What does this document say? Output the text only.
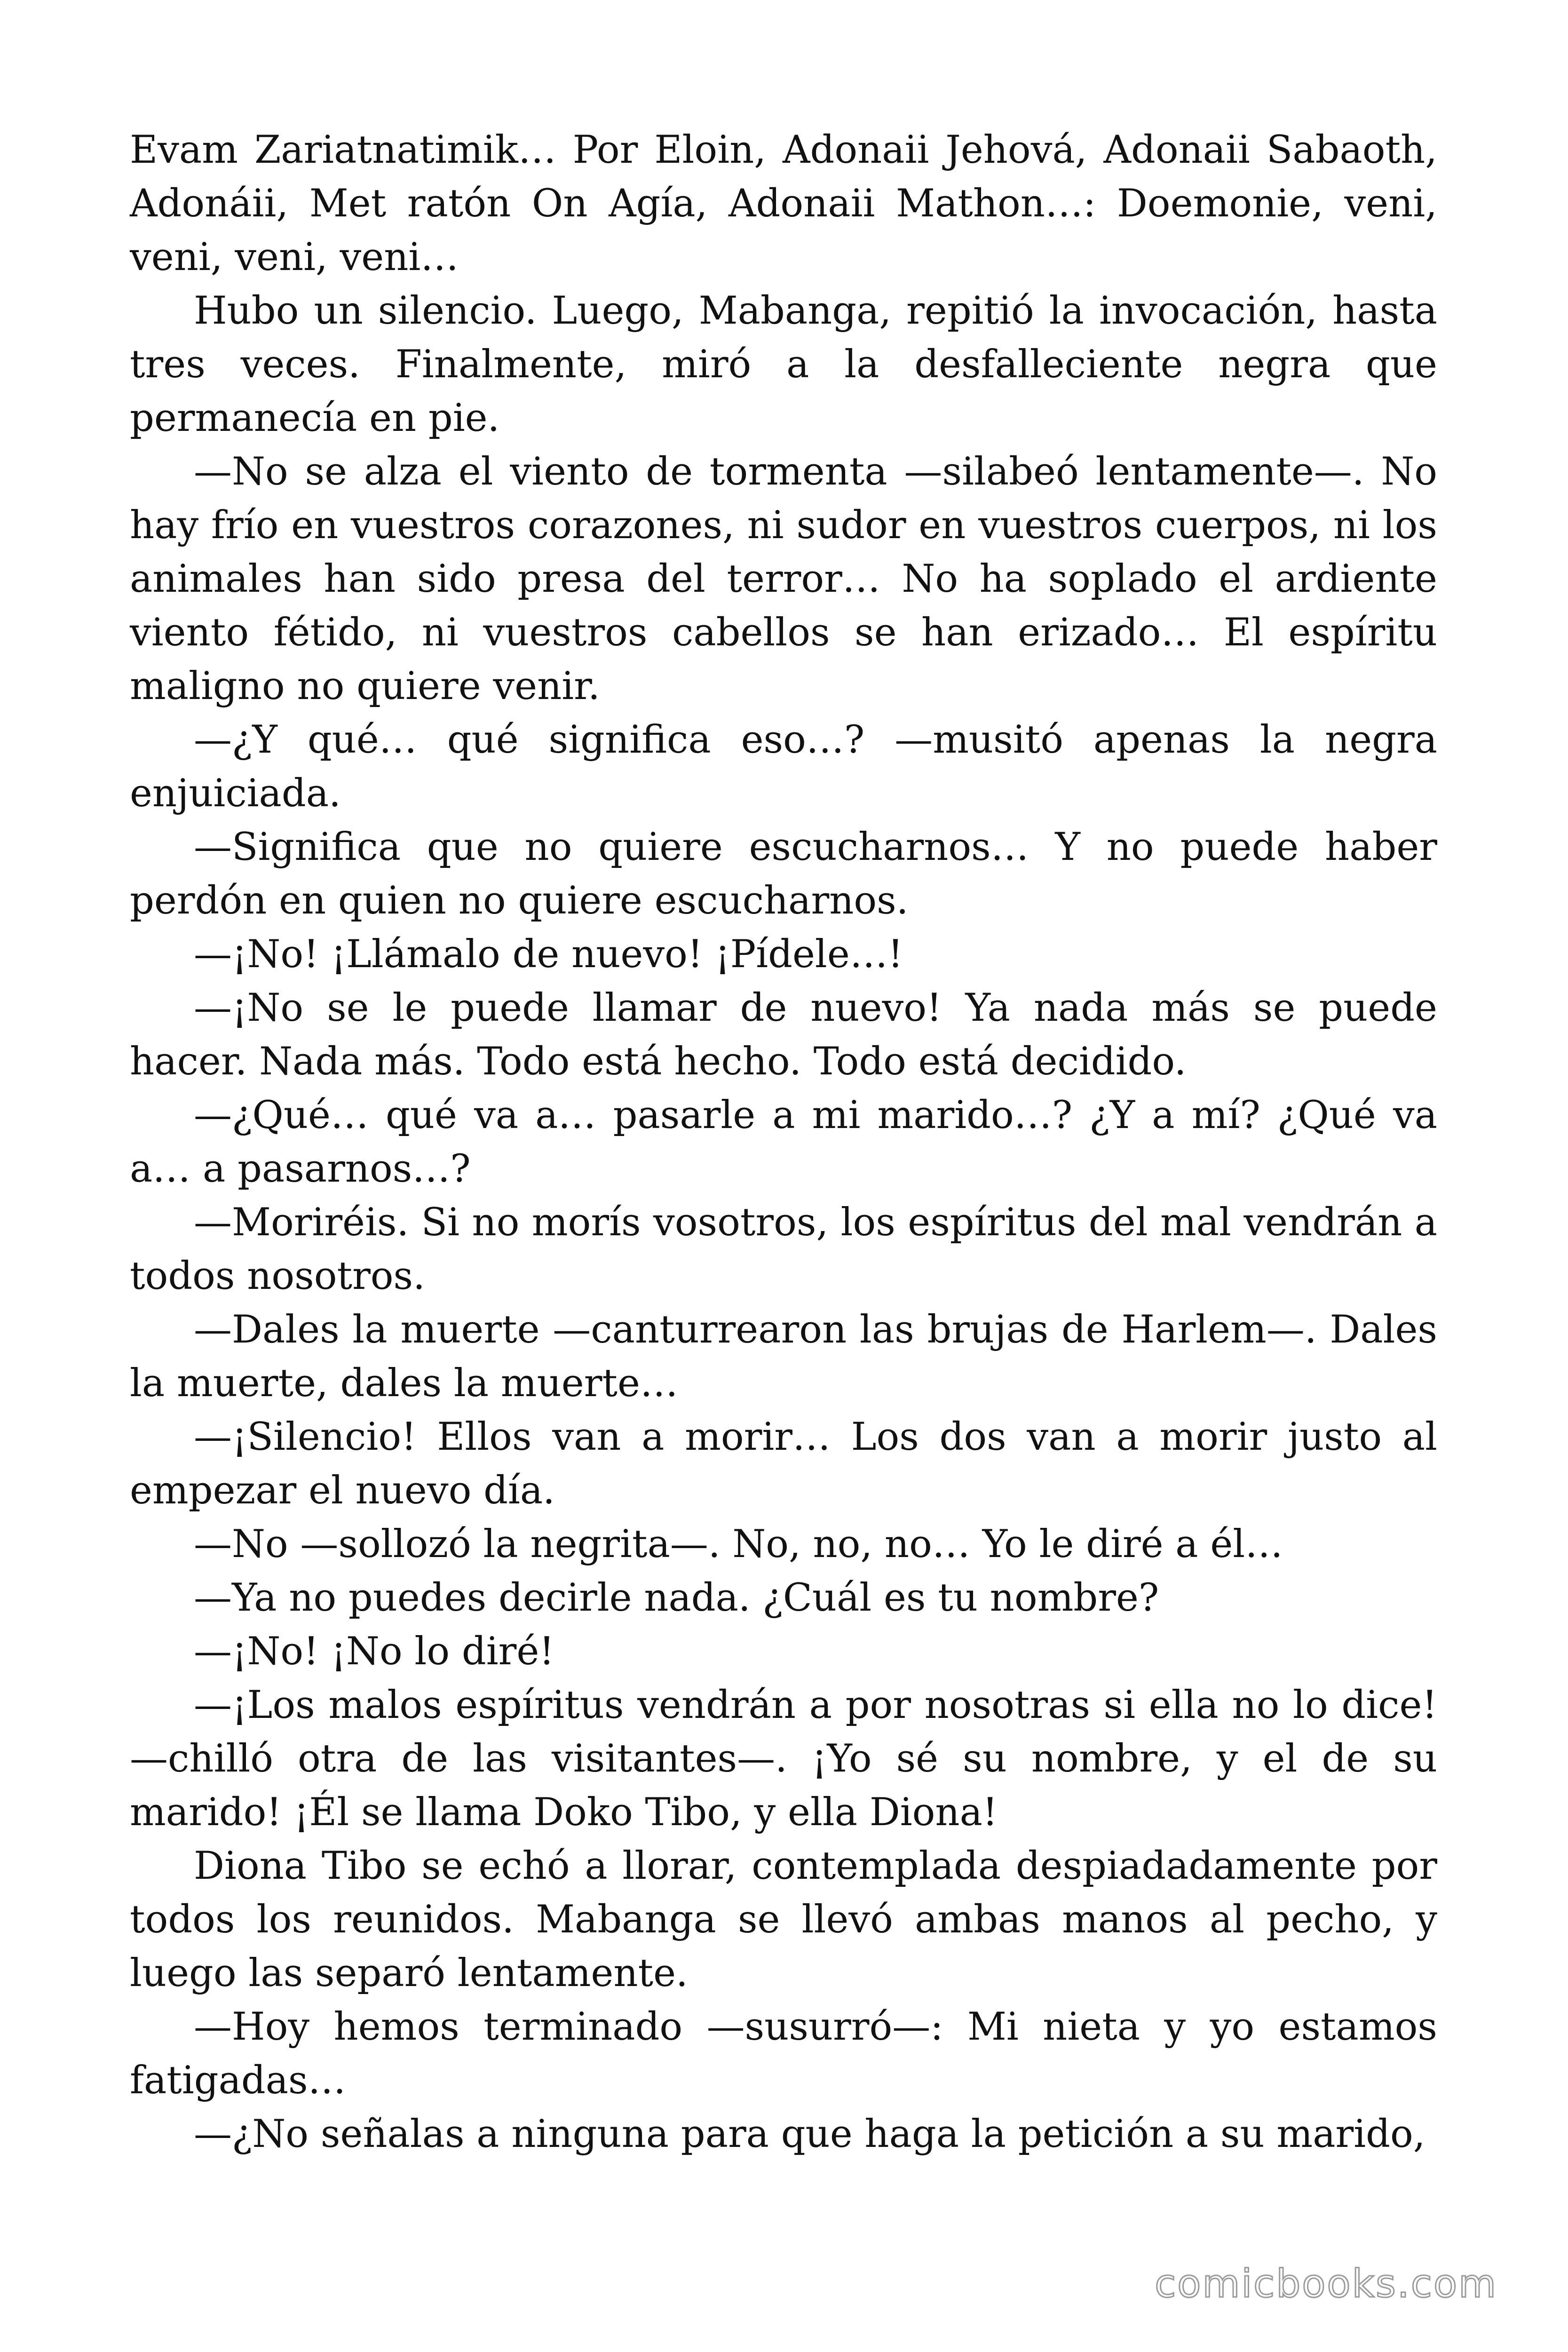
Evam Zariatnatimik… Por Eloin, Adonaii Jehová, Adonaii Sabaoth, Adonáii, Met ratón On Agía, Adonaii Mathon…: Doemonie, veni, veni, veni, veni…

Hubo un silencio. Luego, Mabanga, repitió la invocación, hasta tres veces. Finalmente, miró a la desfalleciente negra que permanecía en pie.

—No se alza el viento de tormenta —silabeó lentamente—. No hay frío en vuestros corazones, ni sudor en vuestros cuerpos, ni los animales han sido presa del terror… No ha soplado el ardiente viento fétido, ni vuestros cabellos se han erizado… El espíritu maligno no quiere venir.

—¿Y qué… qué significa eso…? —musitó apenas la negra enjuiciada.

—Significa que no quiere escucharnos… Y no puede haber perdón en quien no quiere escucharnos.

—¡No! ¡Llámalo de nuevo! ¡Pídele…!

—¡No se le puede llamar de nuevo! Ya nada más se puede hacer. Nada más. Todo está hecho. Todo está decidido.

—¿Qué… qué va a… pasarle a mi marido…? ¿Y a mí? ¿Qué va a… a pasarnos…?

—Moriréis. Si no morís vosotros, los espíritus del mal vendrán a todos nosotros.

—Dales la muerte —canturrearon las brujas de Harlem—. Dales la muerte, dales la muerte…

—¡Silencio! Ellos van a morir… Los dos van a morir justo al empezar el nuevo día.

—No —sollozó la negrita—. No, no, no… Yo le diré a él…

—Ya no puedes decirle nada. ¿Cuál es tu nombre?

—¡No! ¡No lo diré!

—¡Los malos espíritus vendrán a por nosotras si ella no lo dice! —chilló otra de las visitantes—. ¡Yo sé su nombre, y el de su marido! ¡Él se llama Doko Tibo, y ella Diona!

Diona Tibo se echó a llorar, contemplada despiadadamente por todos los reunidos. Mabanga se llevó ambas manos al pecho, y luego las separó lentamente.

—Hoy hemos terminado —susurró—: Mi nieta y yo estamos fatigadas…

—¿No señalas a ninguna para que haga la petición a su marido,

comicbooks.com
